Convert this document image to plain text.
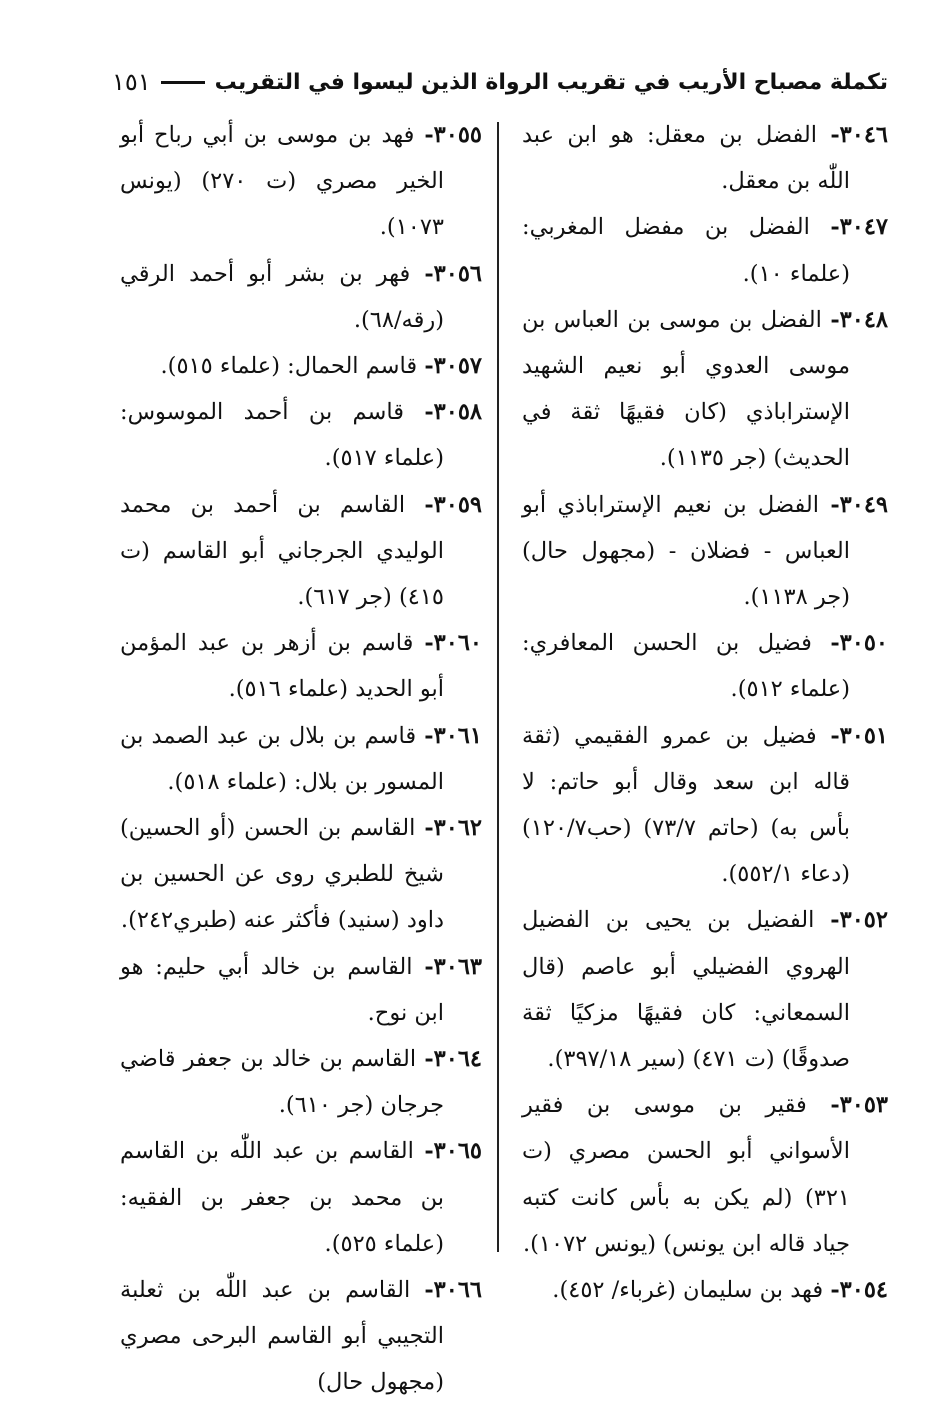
تكملة مصباح الأريب في تقريب الرواة الذين ليسوا في التقريب
١٥١

٣٠٤٦- الفضل بن معقل: هو ابن عبد اللّٰه بن معقل.

٣٠٤٧- الفضل بن مفضل المغربي: (علماء ١٠).

٣٠٤٨- الفضل بن موسى بن العباس بن موسى العدوي أبو نعيم الشهيد الإستراباذي (كان فقيهًا ثقة في الحديث) (جر ١١٣٥).

٣٠٤٩- الفضل بن نعيم الإستراباذي أبو العباس - فضلان - (مجهول حال) (جر ١١٣٨).

٣٠٥٠- فضيل بن الحسن المعافري: (علماء ٥١٢).

٣٠٥١- فضيل بن عمرو الفقيمي (ثقة قاله ابن سعد وقال أبو حاتم: لا بأس به) (حاتم ٧٣/٧) (حب١٢٠/٧) (دعاء ٥٥٢/١).

٣٠٥٢- الفضيل بن يحيى بن الفضيل الهروي الفضيلي أبو عاصم (قال السمعاني: كان فقيهًا مزكيًا ثقة صدوقًا) (ت ٤٧١) (سير ٣٩٧/١٨).

٣٠٥٣- فقير بن موسى بن فقير الأسواني أبو الحسن مصري (ت ٣٢١) (لم يكن به بأس كانت كتبه جياد قاله ابن يونس) (يونس ١٠٧٢).

٣٠٥٤- فهد بن سليمان (غرباء/ ٤٥٢).

٣٠٥٥- فهد بن موسى بن أبي رباح أبو الخير مصري (ت ٢٧٠) (يونس ١٠٧٣).

٣٠٥٦- فهر بن بشر أبو أحمد الرقي (رقه/٦٨).

٣٠٥٧- قاسم الحمال: (علماء ٥١٥).

٣٠٥٨- قاسم بن أحمد الموسوس: (علماء ٥١٧).

٣٠٥٩- القاسم بن أحمد بن محمد الوليدي الجرجاني أبو القاسم (ت ٤١٥) (جر ٦١٧).

٣٠٦٠- قاسم بن أزهر بن عبد المؤمن أبو الحديد (علماء ٥١٦).

٣٠٦١- قاسم بن بلال بن عبد الصمد بن المسور بن بلال: (علماء ٥١٨).

٣٠٦٢- القاسم بن الحسن (أو الحسين) شيخ للطبري روى عن الحسين بن داود (سنيد) فأكثر عنه (طبري٢٤٢).

٣٠٦٣- القاسم بن خالد أبي حليم: هو ابن نوح.

٣٠٦٤- القاسم بن خالد بن جعفر قاضي جرجان (جر ٦١٠).

٣٠٦٥- القاسم بن عبد اللّٰه بن القاسم بن محمد بن جعفر بن الفقيه: (علماء ٥٢٥).

٣٠٦٦- القاسم بن عبد اللّٰه بن ثعلبة التجيبي أبو القاسم البرحى مصري (مجهول حال)
